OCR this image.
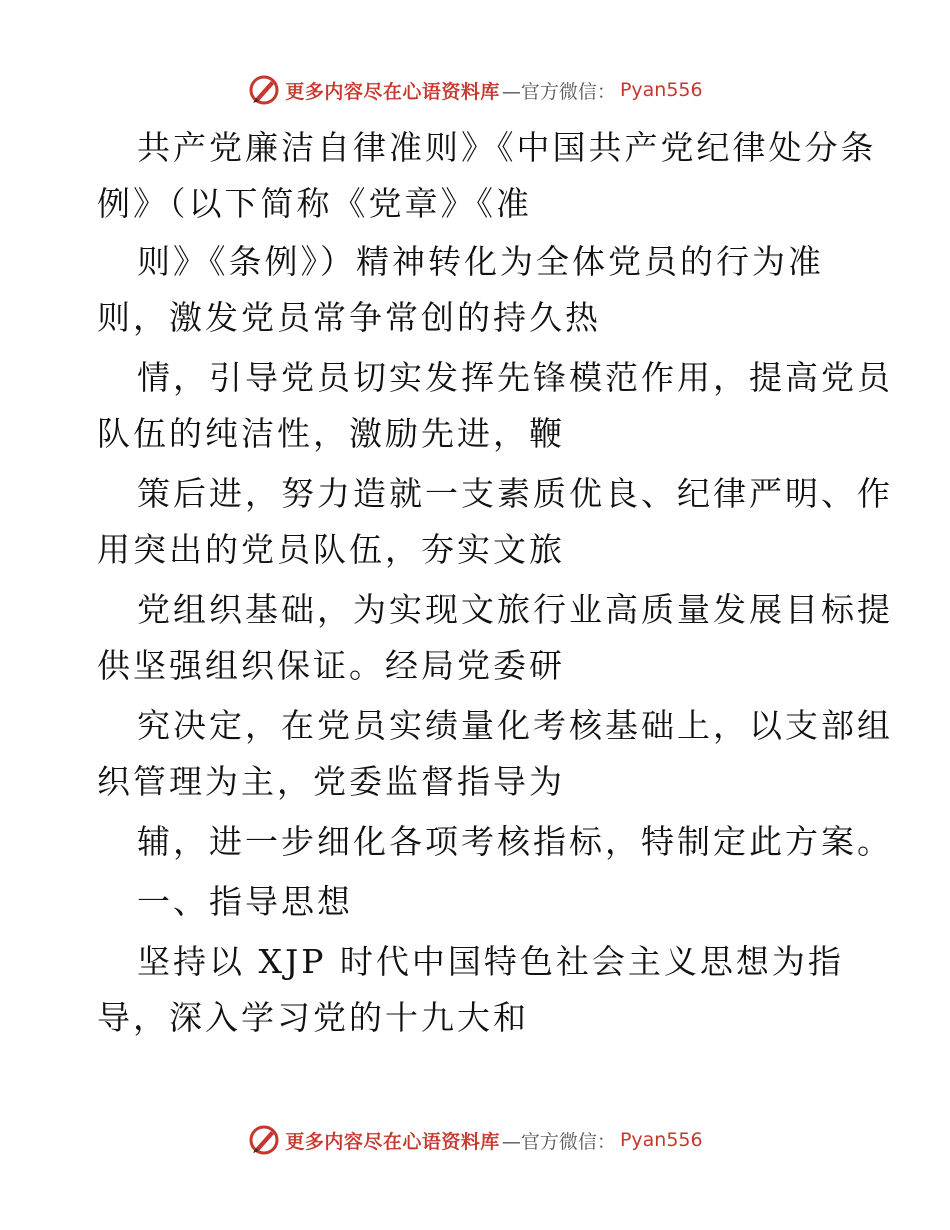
更多内容尽在心语资料库 —官方微信： Pyan556
共产党廉洁自律准则》《中国共产党纪律处分条
例》（以下简称《党章》《准
则》《条例》）精神转化为全体党员的行为准
则，激发党员常争常创的持久热
情，引导党员切实发挥先锋模范作用，提高党员
队伍的纯洁性，激励先进，鞭
策后进，努力造就一支素质优良、纪律严明、作
用突出的党员队伍，夯实文旅
党组织基础，为实现文旅行业高质量发展目标提
供坚强组织保证。经局党委研
究决定，在党员实绩量化考核基础上，以支部组
织管理为主，党委监督指导为
辅，进一步细化各项考核指标，特制定此方案。
一、指导思想
坚持以 XJP 时代中国特色社会主义思想为指
导，深入学习党的十九大和
更多内容尽在心语资料库 —官方微信： Pyan556
